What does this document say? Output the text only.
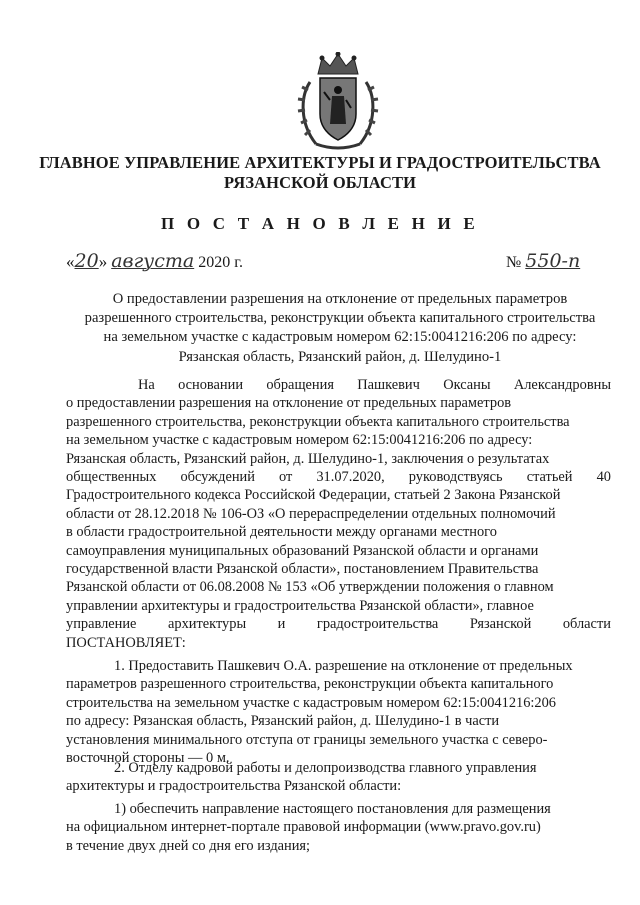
ГЛАВНОЕ УПРАВЛЕНИЕ АРХИТЕКТУРЫ И ГРАДОСТРОИТЕЛЬСТВА
РЯЗАНСКОЙ ОБЛАСТИ
П О С Т А Н О В Л Е Н И Е
«20» августа 2020 г.	№ 550-п
О предоставлении разрешения на отклонение от предельных параметров
разрешенного строительства, реконструкции объекта капитального строительства
на земельном участке с кадастровым номером 62:15:0041216:206 по адресу:
Рязанская область, Рязанский район, д. Шелудино-1
На основании обращения Пашкевич Оксаны Александровны
о предоставлении разрешения на отклонение от предельных параметров
разрешенного строительства, реконструкции объекта капитального строительства
на земельном участке с кадастровым номером 62:15:0041216:206 по адресу:
Рязанская область, Рязанский район, д. Шелудино-1, заключения о результатах
общественных обсуждений от 31.07.2020, руководствуясь статьей 40
Градостроительного кодекса Российской Федерации, статьей 2 Закона Рязанской
области от 28.12.2018 № 106-ОЗ «О перераспределении отдельных полномочий
в области градостроительной деятельности между органами местного
самоуправления муниципальных образований Рязанской области и органами
государственной власти Рязанской области», постановлением Правительства
Рязанской области от 06.08.2008 № 153 «Об утверждении положения о главном
управлении архитектуры и градостроительства Рязанской области», главное
управление архитектуры и градостроительства Рязанской области
ПОСТАНОВЛЯЕТ:
1. Предоставить Пашкевич О.А. разрешение на отклонение от предельных
параметров разрешенного строительства, реконструкции объекта капитального
строительства на земельном участке с кадастровым номером 62:15:0041216:206
по адресу: Рязанская область, Рязанский район, д. Шелудино-1 в части
установления минимального отступа от границы земельного участка с северо-
восточной стороны — 0 м.
2. Отделу кадровой работы и делопроизводства главного управления
архитектуры и градостроительства Рязанской области:
1) обеспечить направление настоящего постановления для размещения
на официальном интернет-портале правовой информации (www.pravo.gov.ru)
в течение двух дней со дня его издания;
